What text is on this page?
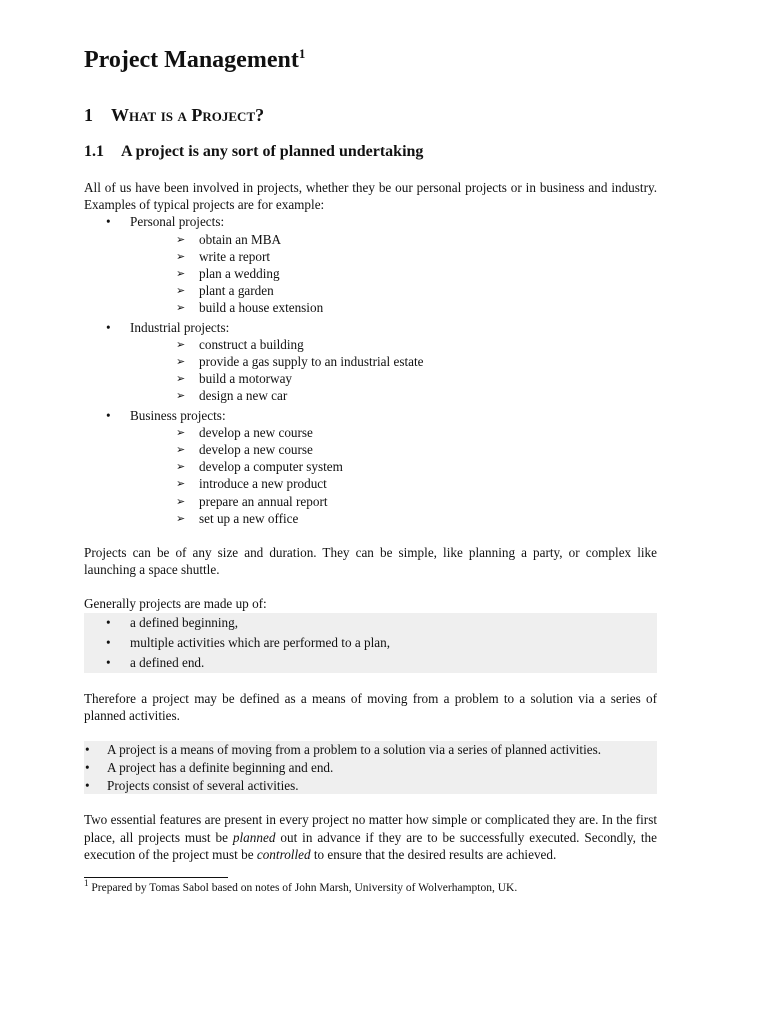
Project Management$^1$
1	What is a Project?
1.1	A project is any sort of planned undertaking

All of us have been involved in projects, whether they be our personal projects or in business and industry. Examples of typical projects are for example:

• Personal projects:
➢ obtain an MBA
➢ write a report
➢ plan a wedding
➢ plant a garden
➢ build a house extension
• Industrial projects:
➢ construct a building
➢ provide a gas supply to an industrial estate
➢ build a motorway
➢ design a new car
• Business projects:
➢ develop a new course
➢ develop a new course
➢ develop a computer system
➢ introduce a new product
➢ prepare an annual report
➢ set up a new office

Projects can be of any size and duration. They can be simple, like planning a party, or complex like launching a space shuttle.

Generally projects are made up of:

• a defined beginning,
• multiple activities which are performed to a plan,
• a defined end.

Therefore a project may be defined as a means of moving from a problem to a solution via a series of planned activities.

• A project is a means of moving from a problem to a solution via a series of planned activities.
• A project has a definite beginning and end.
• Projects consist of several activities.

Two essential features are present in every project no matter how simple or complicated they are. In the first place, all projects must be planned out in advance if they are to be successfully executed. Secondly, the execution of the project must be controlled to ensure that the desired results are achieved.

$^1$ Prepared by Tomas Sabol based on notes of John Marsh, University of Wolverhampton, UK.
